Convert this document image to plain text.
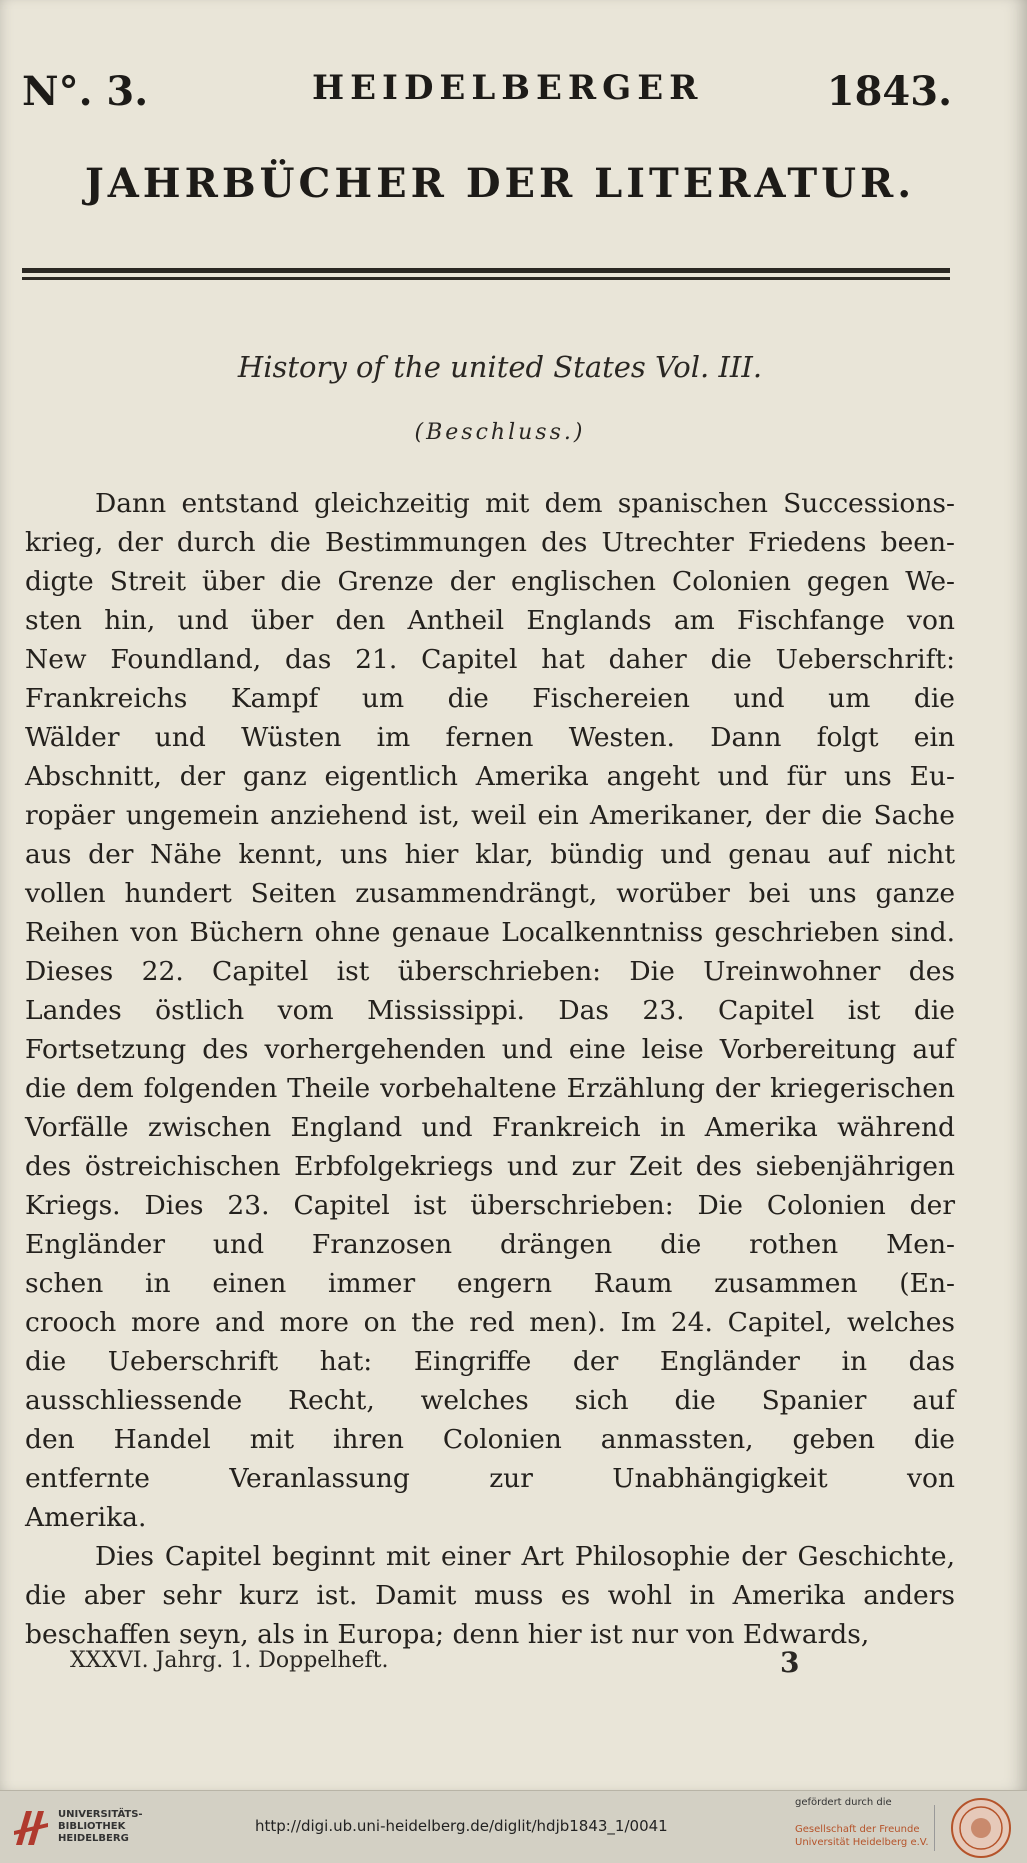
N°. 3.	HEIDELBERGER	1843.
JAHRBÜCHER DER LITERATUR.
History of the united States Vol. III.
(Beschluss.)
Dann entstand gleichzeitig mit dem spanischen Successions-
krieg, der durch die Bestimmungen des Utrechter Friedens been-
digte Streit über die Grenze der englischen Colonien gegen We-
sten hin, und über den Antheil Englands am Fischfange von
New Foundland, das 21. Capitel hat daher die Ueberschrift:
Frankreichs Kampf um die Fischereien und um die
Wälder und Wüsten im fernen Westen. Dann folgt ein
Abschnitt, der ganz eigentlich Amerika angeht und für uns Eu-
ropäer ungemein anziehend ist, weil ein Amerikaner, der die Sache
aus der Nähe kennt, uns hier klar, bündig und genau auf nicht
vollen hundert Seiten zusammendrängt, worüber bei uns ganze
Reihen von Büchern ohne genaue Localkenntniss geschrieben sind.
Dieses 22. Capitel ist überschrieben: Die Ureinwohner des
Landes östlich vom Mississippi. Das 23. Capitel ist die
Fortsetzung des vorhergehenden und eine leise Vorbereitung auf
die dem folgenden Theile vorbehaltene Erzählung der kriegerischen
Vorfälle zwischen England und Frankreich in Amerika während
des östreichischen Erbfolgekriegs und zur Zeit des siebenjährigen
Kriegs. Dies 23. Capitel ist überschrieben: Die Colonien der
Engländer und Franzosen drängen die rothen Men-
schen in einen immer engern Raum zusammen (En-
crooch more and more on the red men). Im 24. Capitel, welches
die Ueberschrift hat: Eingriffe der Engländer in das
ausschliessende Recht, welches sich die Spanier auf
den Handel mit ihren Colonien anmassten, geben die
entfernte Veranlassung zur Unabhängigkeit von
Amerika.
Dies Capitel beginnt mit einer Art Philosophie der Geschichte,
die aber sehr kurz ist. Damit muss es wohl in Amerika anders
beschaffen seyn, als in Europa; denn hier ist nur von Edwards,
XXXVI. Jahrg. 1. Doppelheft.	3
UNIVERSITÄTS-
BIBLIOTHEK
HEIDELBERG
http://digi.ub.uni-heidelberg.de/diglit/hdjb1843_1/0041
gefördert durch die
Gesellschaft der Freunde
Universität Heidelberg e.V.
